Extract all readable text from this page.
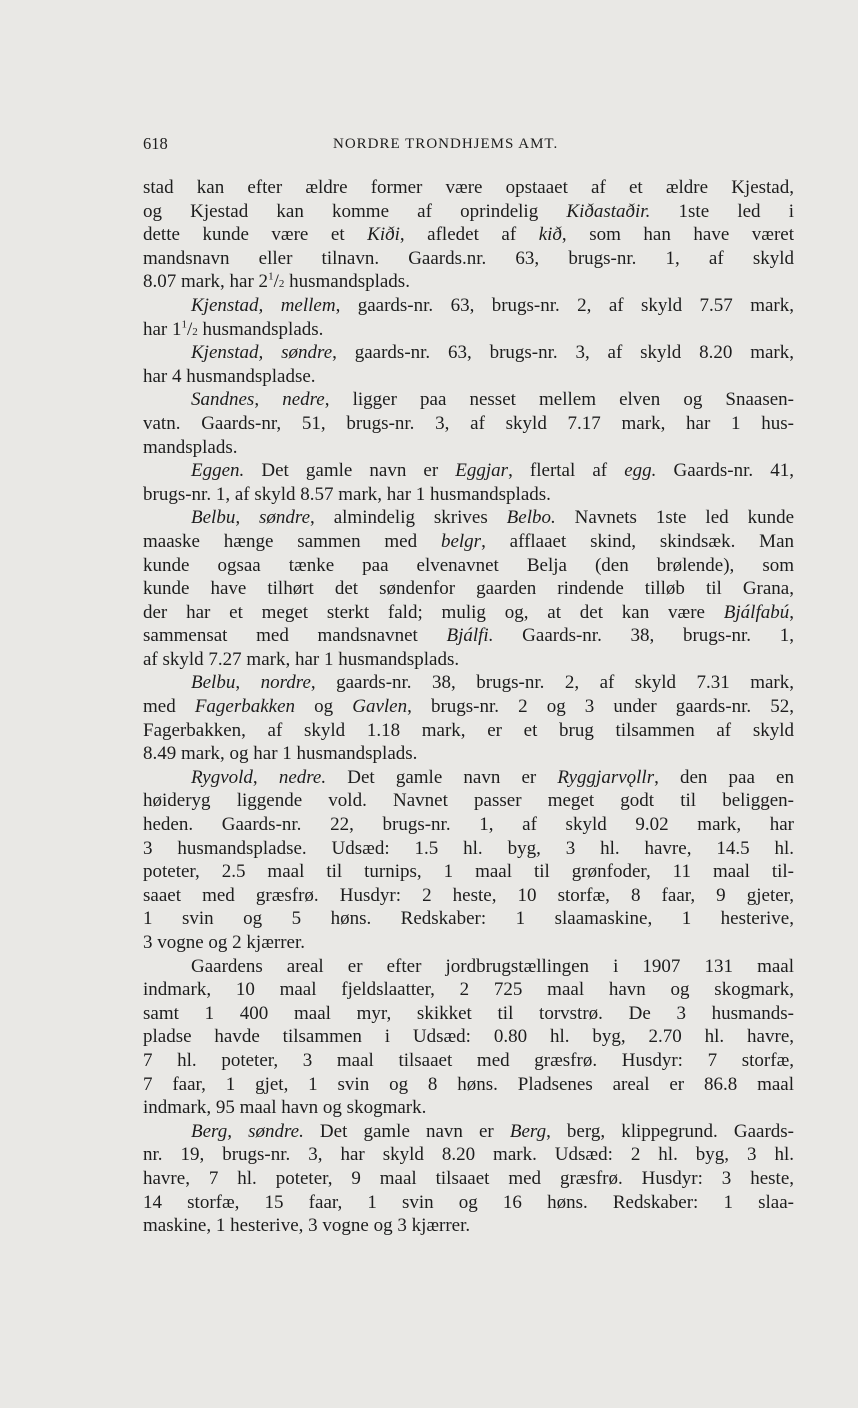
618	NORDRE TRONDHJEMS AMT.
stad kan efter ældre former være opstaaet af et ældre Kjestad,
og Kjestad kan komme af oprindelig Kiðastaðir. 1ste led i
dette kunde være et Kiði, afledet af kið, som han have været
mandsnavn eller tilnavn. Gaards.nr. 63, brugs-nr. 1, af skyld
8.07 mark, har $2^1/2$ husmandsplads.
Kjenstad, mellem, gaards-nr. 63, brugs-nr. 2, af skyld 7.57 mark,
har $1^1/2$ husmandsplads.
Kjenstad, søndre, gaards-nr. 63, brugs-nr. 3, af skyld 8.20 mark,
har 4 husmandspladse.
Sandnes, nedre, ligger paa nesset mellem elven og Snaasen-
vatn. Gaards-nr, 51, brugs-nr. 3, af skyld 7.17 mark, har 1 hus-
mandsplads.
Eggen. Det gamle navn er Eggjar, flertal af egg. Gaards-nr. 41,
brugs-nr. 1, af skyld 8.57 mark, har 1 husmandsplads.
Belbu, søndre, almindelig skrives Belbo. Navnets 1ste led kunde
maaske hænge sammen med belgr, afflaaet skind, skindsæk. Man
kunde ogsaa tænke paa elvenavnet Belja (den brølende), som
kunde have tilhørt det søndenfor gaarden rindende tilløb til Grana,
der har et meget sterkt fald; mulig og, at det kan være Bjálfabú,
sammensat med mandsnavnet Bjálfi. Gaards-nr. 38, brugs-nr. 1,
af skyld 7.27 mark, har 1 husmandsplads.
Belbu, nordre, gaards-nr. 38, brugs-nr. 2, af skyld 7.31 mark,
med Fagerbakken og Gavlen, brugs-nr. 2 og 3 under gaards-nr. 52,
Fagerbakken, af skyld 1.18 mark, er et brug tilsammen af skyld
8.49 mark, og har 1 husmandsplads.
Rygvold, nedre. Det gamle navn er Ryggjarvǫllr, den paa en
høideryg liggende vold. Navnet passer meget godt til beliggen-
heden. Gaards-nr. 22, brugs-nr. 1, af skyld 9.02 mark, har
3 husmandspladse. Udsæd: 1.5 hl. byg, 3 hl. havre, 14.5 hl.
poteter, 2.5 maal til turnips, 1 maal til grønfoder, 11 maal til-
saaet med græsfrø. Husdyr: 2 heste, 10 storfæ, 8 faar, 9 gjeter,
1 svin og 5 høns. Redskaber: 1 slaamaskine, 1 hesterive,
3 vogne og 2 kjærrer.
Gaardens areal er efter jordbrugstællingen i 1907 131 maal
indmark, 10 maal fjeldslaatter, 2 725 maal havn og skogmark,
samt 1 400 maal myr, skikket til torvstrø. De 3 husmands-
pladse havde tilsammen i Udsæd: 0.80 hl. byg, 2.70 hl. havre,
7 hl. poteter, 3 maal tilsaaet med græsfrø. Husdyr: 7 storfæ,
7 faar, 1 gjet, 1 svin og 8 høns. Pladsenes areal er 86.8 maal
indmark, 95 maal havn og skogmark.
Berg, søndre. Det gamle navn er Berg, berg, klippegrund. Gaards-
nr. 19, brugs-nr. 3, har skyld 8.20 mark. Udsæd: 2 hl. byg, 3 hl.
havre, 7 hl. poteter, 9 maal tilsaaet med græsfrø. Husdyr: 3 heste,
14 storfæ, 15 faar, 1 svin og 16 høns. Redskaber: 1 slaa-
maskine, 1 hesterive, 3 vogne og 3 kjærrer.
